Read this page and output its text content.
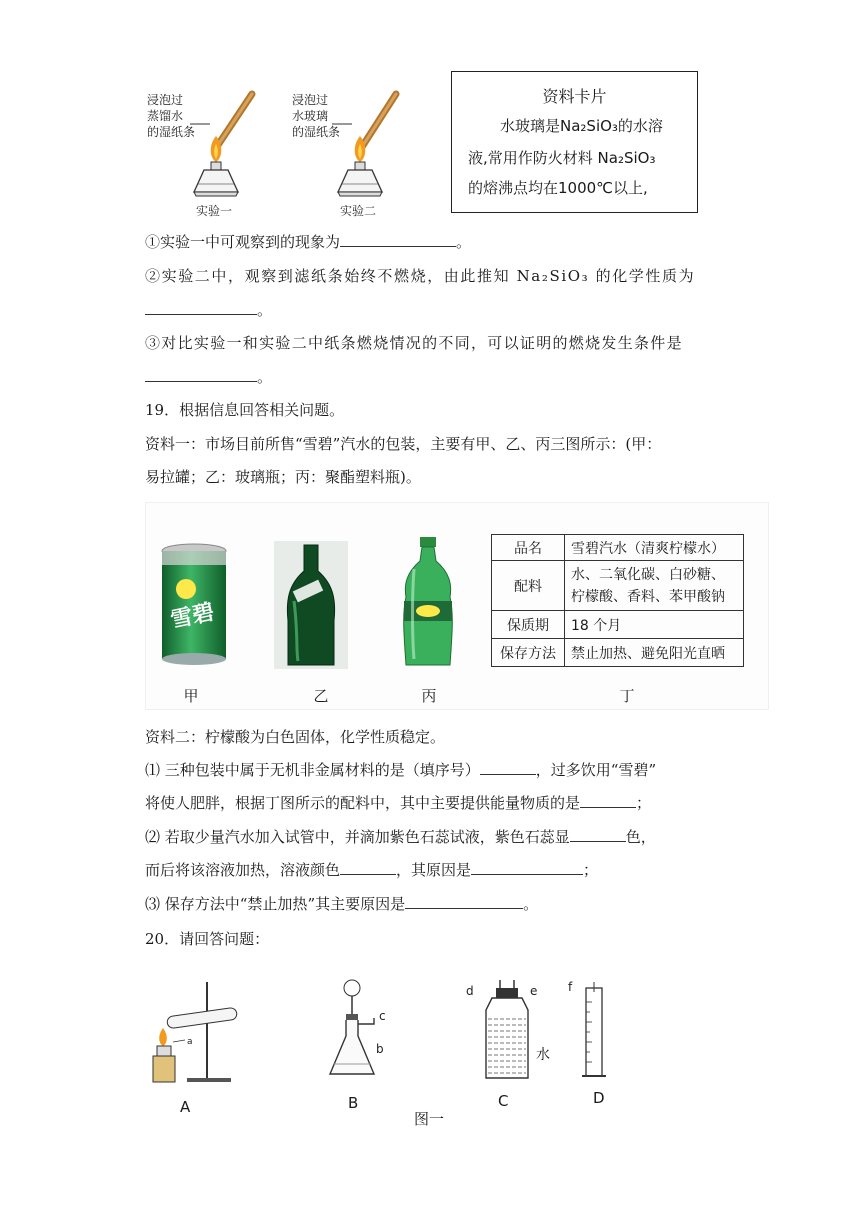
浸泡过
蒸馏水
的湿纸条
浸泡过
水玻璃
的湿纸条
实验一	实验二
资料卡片
水玻璃是Na₂SiO₃的水溶
液,常用作防火材料 Na₂SiO₃
的熔沸点均在1000℃以上,
①实验一中可观察到的现象为	。
②实验二中，观察到滤纸条始终不燃烧，由此推知 Na₂SiO₃ 的化学性质为
。
③对比实验一和实验二中纸条燃烧情况的不同，可以证明的燃烧发生条件是
。
19．根据信息回答相关问题。
资料一：市场目前所售“雪碧”汽水的包装，主要有甲、乙、丙三图所示：(甲：
易拉罐；乙：玻璃瓶；丙：聚酯塑料瓶)。
雪碧
甲	乙	丙	丁
品名	雪碧汽水（清爽柠檬水）
配料	水、二氧化碳、白砂糖、柠檬酸、香料、苯甲酸钠
保质期	18 个月
保存方法	禁止加热、避免阳光直晒
资料二：柠檬酸为白色固体，化学性质稳定。
⑴ 三种包装中属于无机非金属材料的是（填序号）	，过多饮用“雪碧”
将使人肥胖，根据丁图所示的配料中，其中主要提供能量物质的是	；
⑵ 若取少量汽水加入试管中，并滴加紫色石蕊试液，紫色石蕊显	色，
而后将该溶液加热，溶液颜色	，其原因是	；
⑶ 保存方法中“禁止加热”其主要原因是	。
20．请回答问题：
a
A
c
b
B
d	e
水
C
f
D
图一
